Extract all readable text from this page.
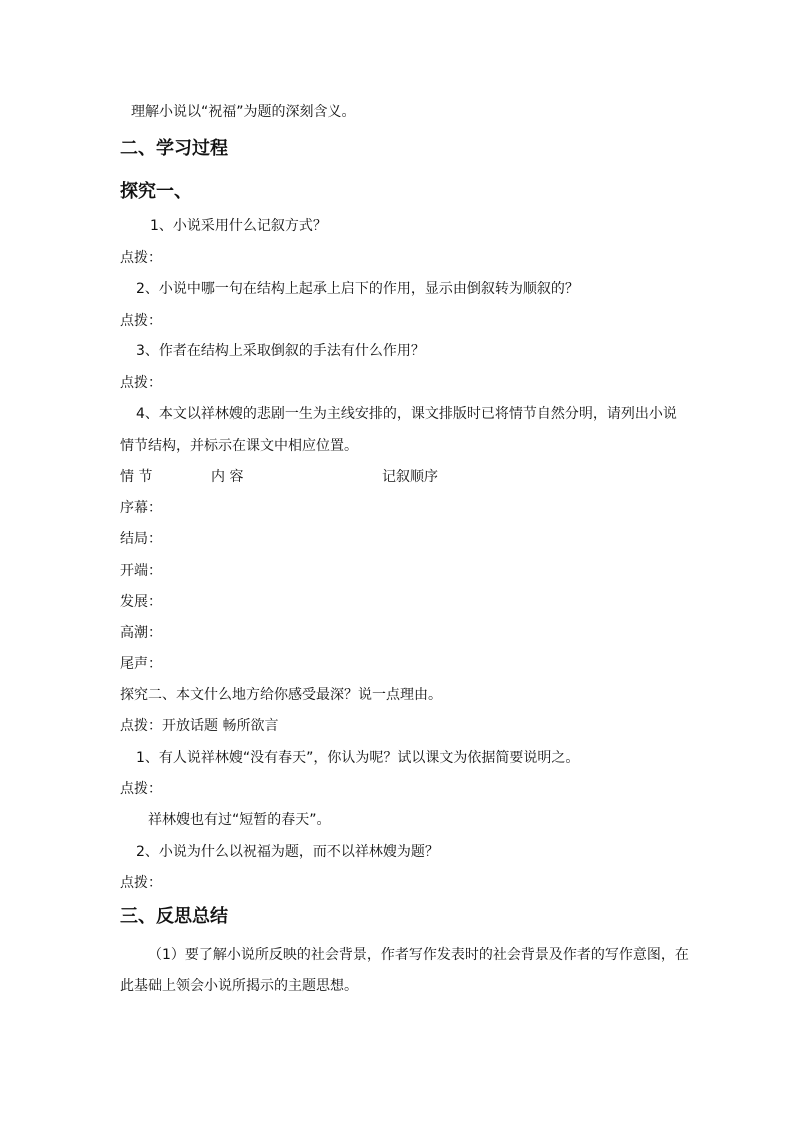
理解小说以“祝福”为题的深刻含义。
二、学习过程
探究一、
1、小说采用什么记叙方式？
点拨：
2、小说中哪一句在结构上起承上启下的作用，显示由倒叙转为顺叙的？
点拨：
3、作者在结构上采取倒叙的手法有什么作用？
点拨：
4、本文以祥林嫂的悲剧一生为主线安排的，课文排版时已将情节自然分明，请列出小说
情节结构，并标示在课文中相应位置。
情 节	内 容	记叙顺序
序幕：
结局：
开端：
发展：
高潮：
尾声：
探究二、本文什么地方给你感受最深？说一点理由。
点拨：开放话题 畅所欲言
1、有人说祥林嫂“没有春天”，你认为呢？试以课文为依据简要说明之。
点拨：
祥林嫂也有过“短暂的春天”。
2、小说为什么以祝福为题，而不以祥林嫂为题？
点拨：
三、反思总结
（1）要了解小说所反映的社会背景，作者写作发表时的社会背景及作者的写作意图，在
此基础上领会小说所揭示的主题思想。
